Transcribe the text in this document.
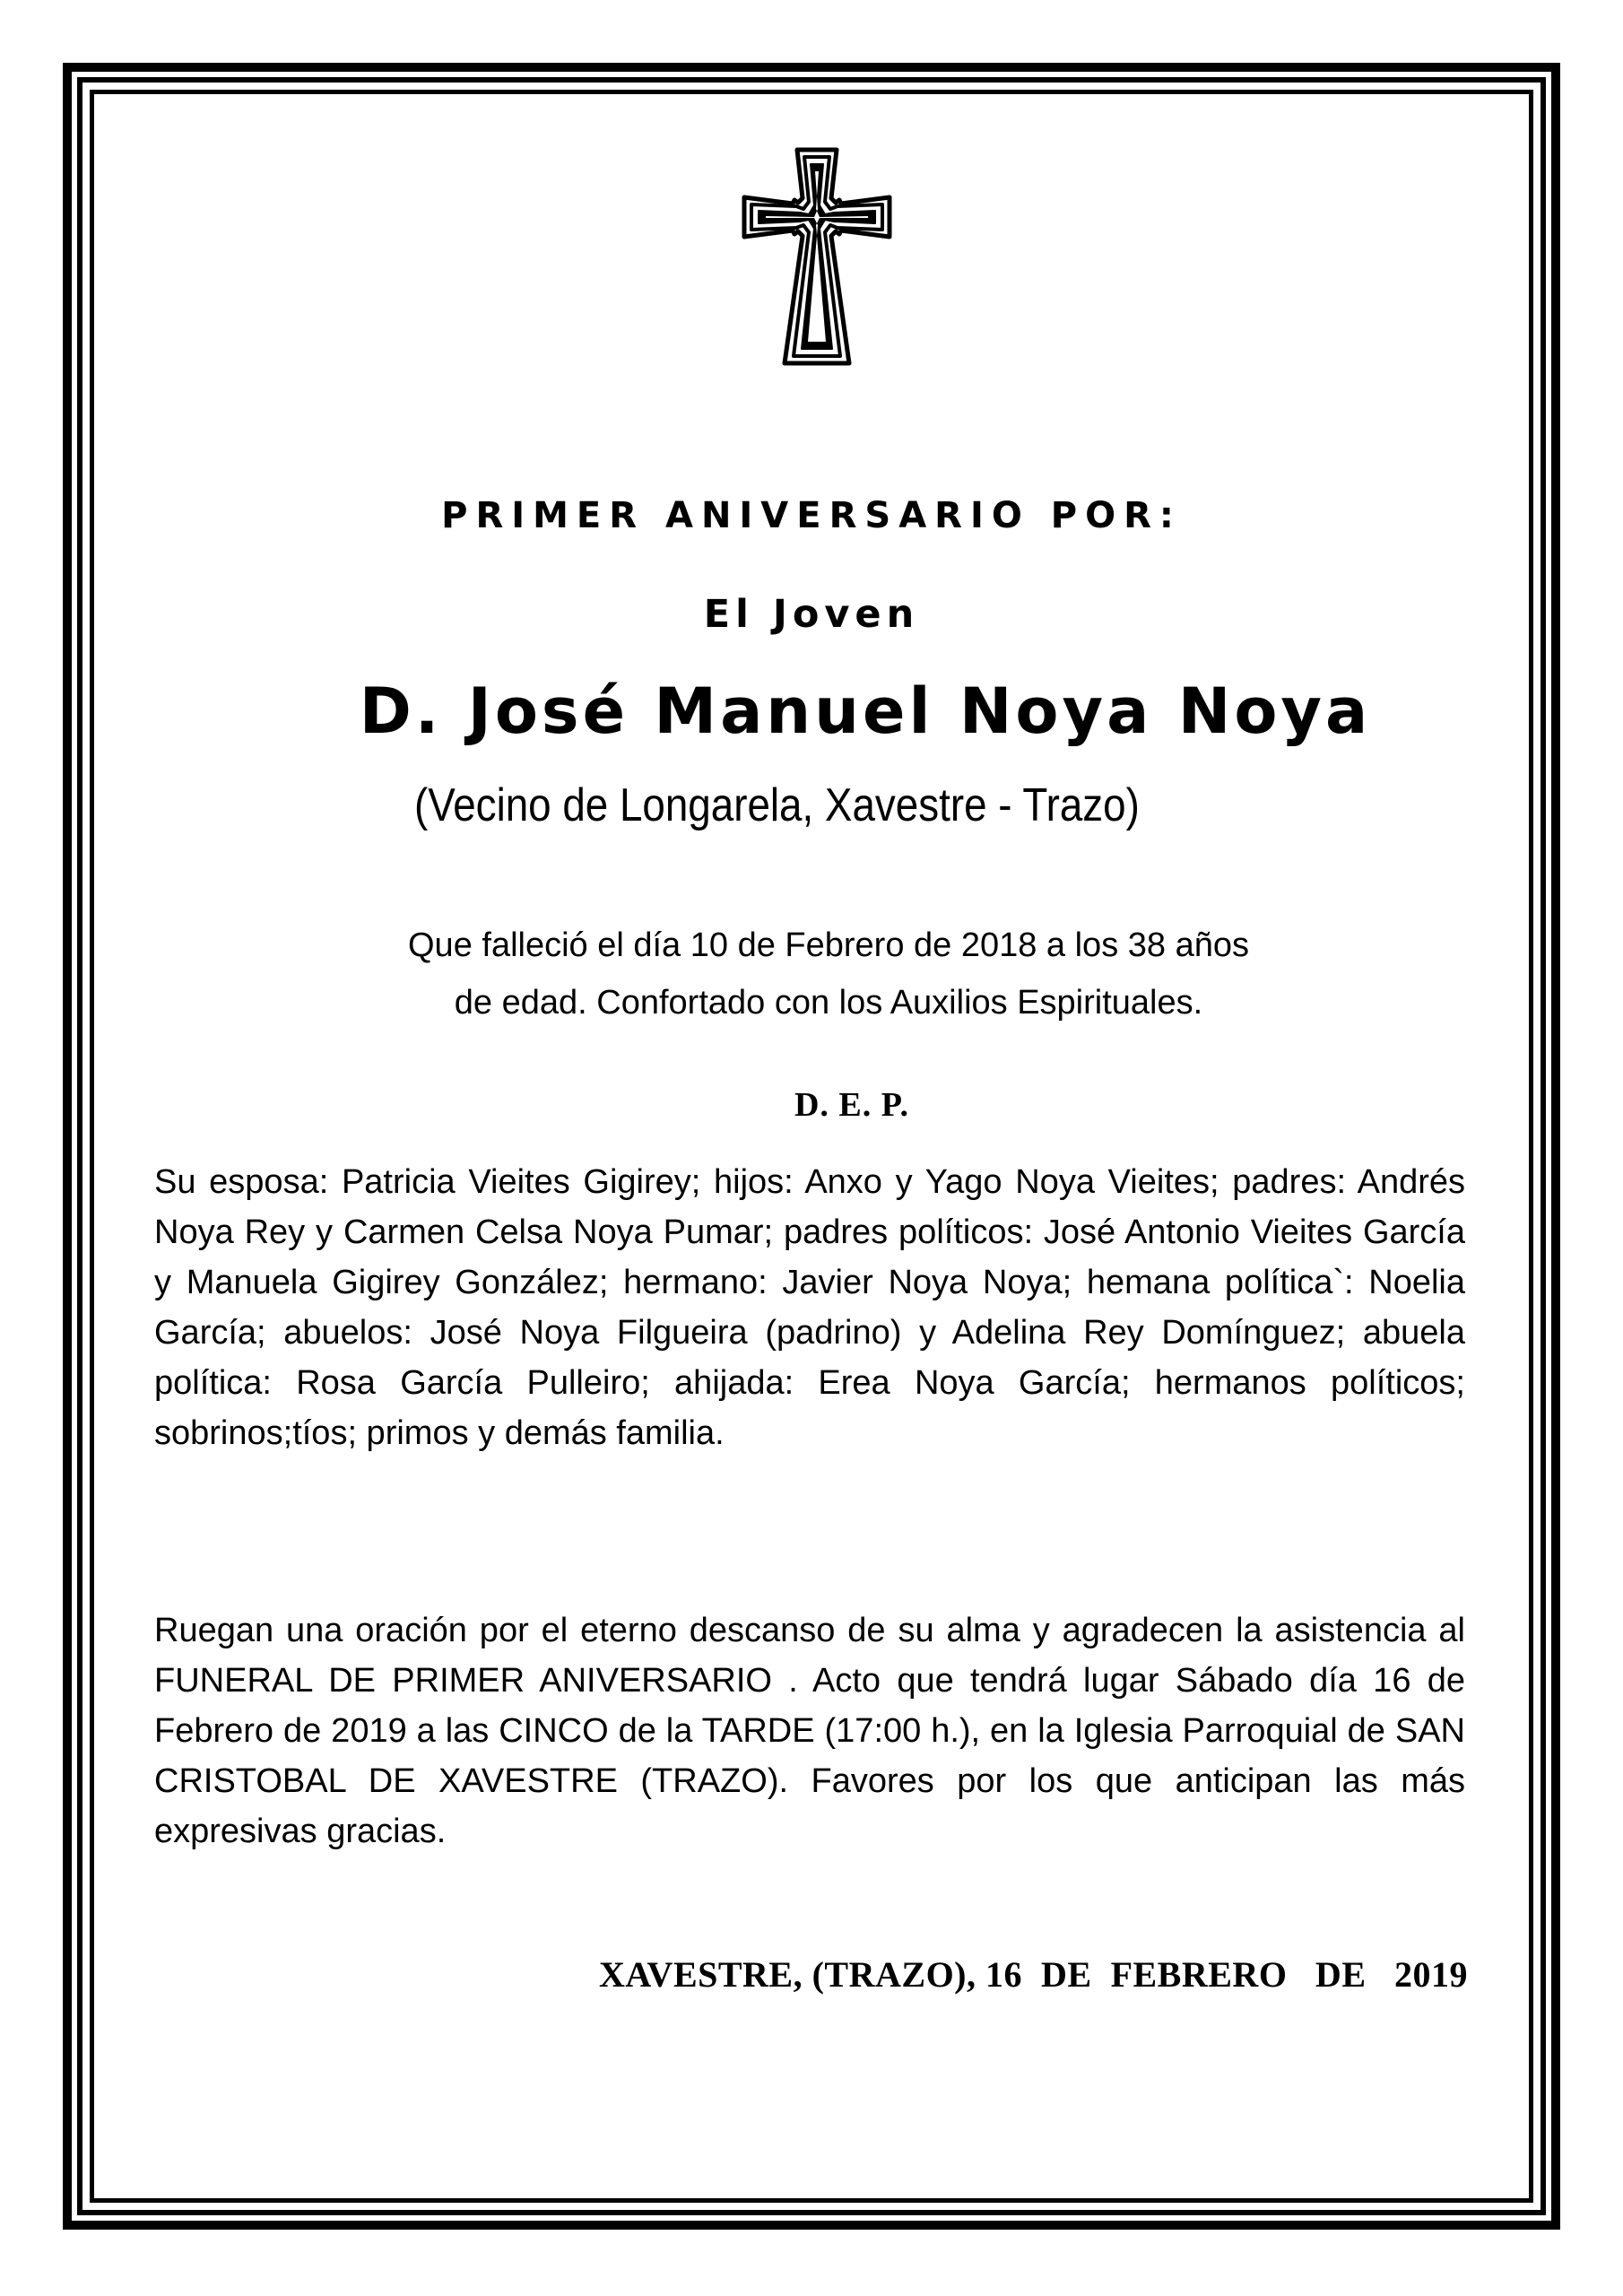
PRIMER ANIVERSARIO POR:
El Joven
D. José Manuel Noya Noya
(Vecino de Longarela, Xavestre - Trazo)
Que falleció el día 10 de Febrero de 2018 a los 38 años
de edad. Confortado con los Auxilios Espirituales.
D. E. P.
Su esposa: Patricia Vieites Gigirey; hijos: Anxo y Yago Noya Vieites; padres: Andrés Noya Rey y Carmen Celsa Noya Pumar; padres políticos: José Antonio Vieites García y Manuela Gigirey González; hermano: Javier Noya Noya; hemana política`: Noelia García; abuelos: José Noya Filgueira (padrino) y Adelina Rey Domínguez; abuela política: Rosa García Pulleiro; ahijada: Erea Noya García; hermanos políticos; sobrinos;tíos; primos y demás familia.
Ruegan una oración por el eterno descanso de su alma y agradecen la asistencia al FUNERAL DE PRIMER ANIVERSARIO . Acto que tendrá lugar Sábado día 16 de Febrero de 2019 a las CINCO de la TARDE (17:00 h.), en la Iglesia Parroquial de SAN CRISTOBAL DE XAVESTRE (TRAZO). Favores por los que anticipan las más expresivas gracias.
XAVESTRE, (TRAZO), 16  DE  FEBRERO   DE   2019
